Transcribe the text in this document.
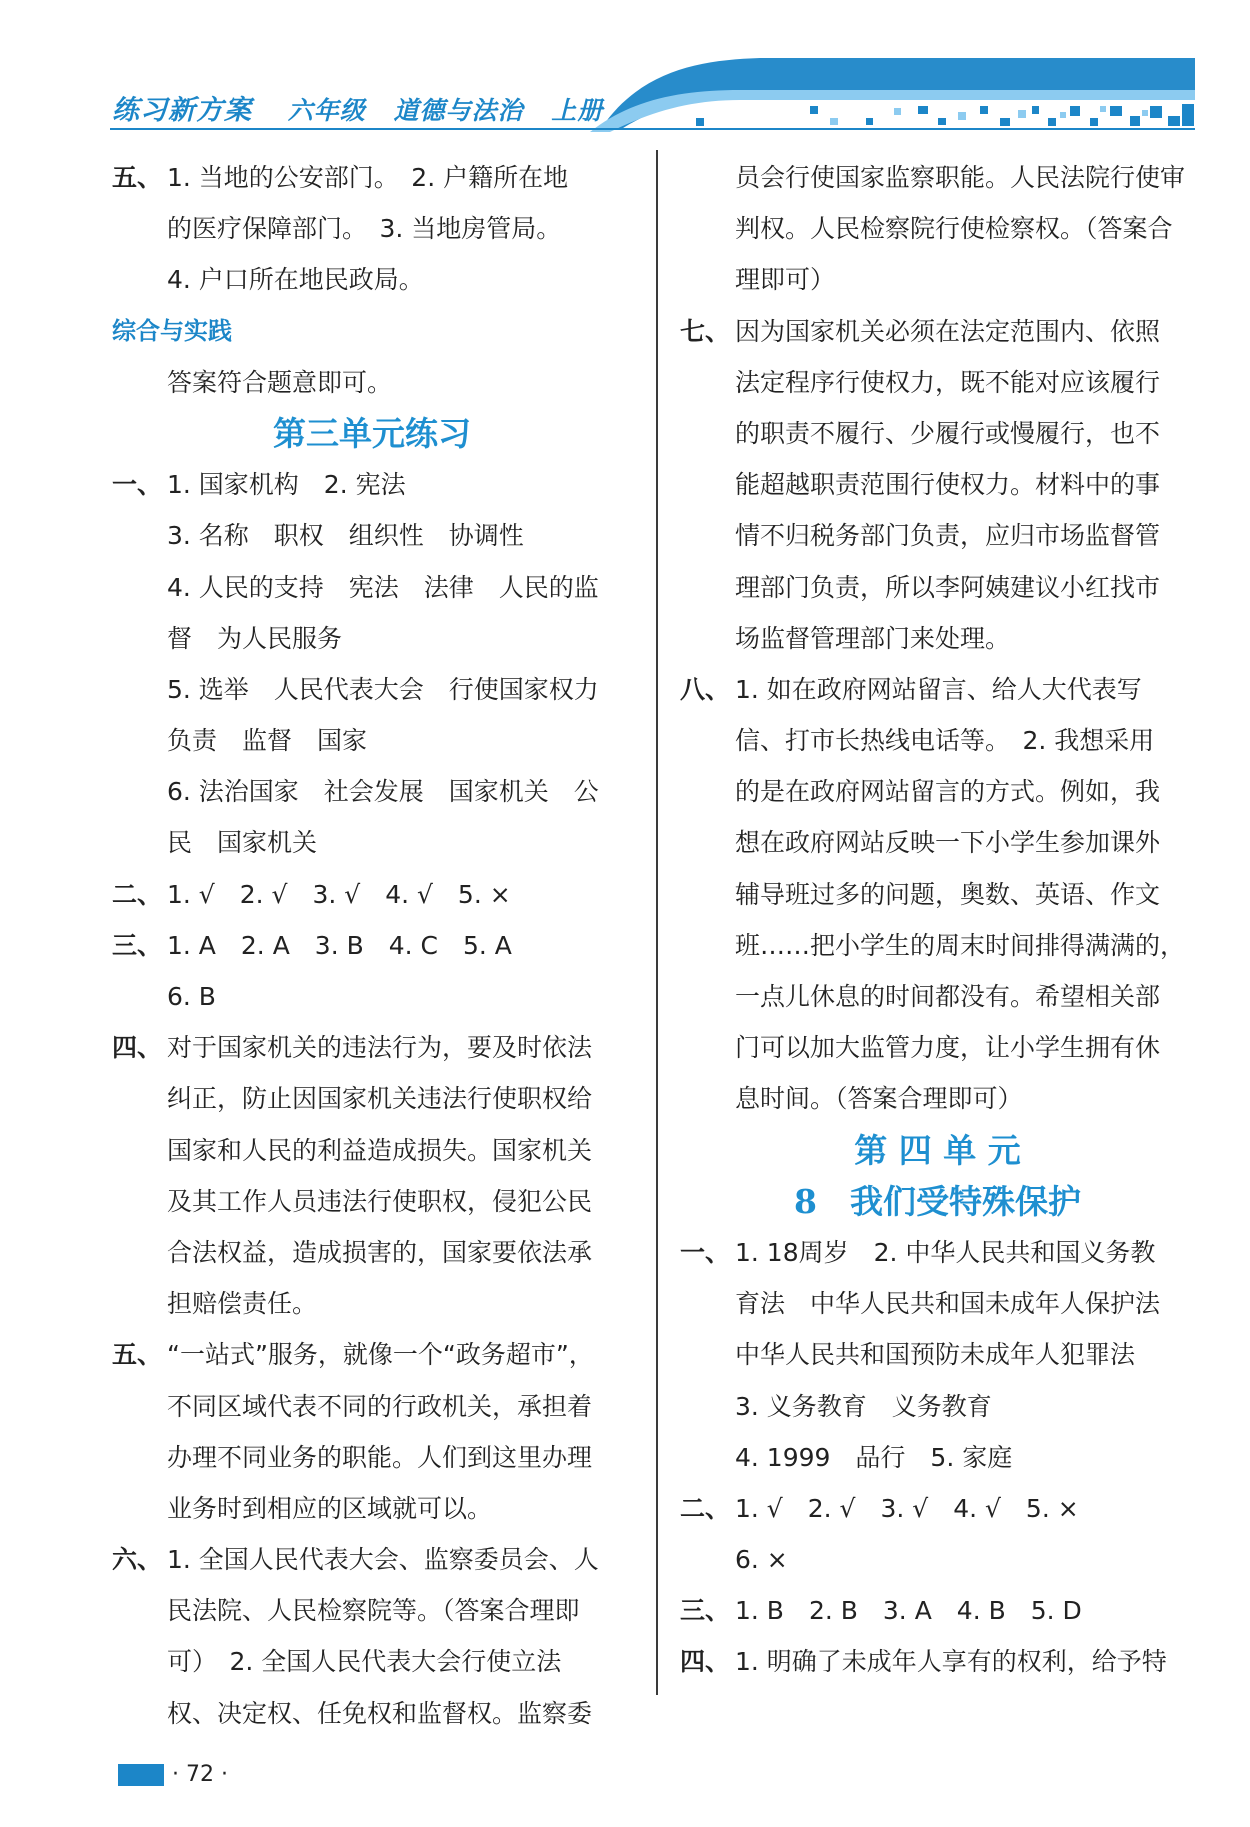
练习新方案 六年级 道德与法治 上册
五、 1. 当地的公安部门。　2. 户籍所在地
的医疗保障部门。　3. 当地房管局。
4. 户口所在地民政局。
综合与实践
答案符合题意即可。
第三单元练习
一、 1. 国家机构　2. 宪法
3. 名称　职权　组织性　协调性
4. 人民的支持　宪法　法律　人民的监
督　为人民服务
5. 选举　人民代表大会　行使国家权力
负责　监督　国家
6. 法治国家　社会发展　国家机关　公
民　国家机关
二、 1. √　2. √　3. √　4. √　5. ×
三、 1. A　2. A　3. B　4. C　5. A
6. B
四、 对于国家机关的违法行为，要及时依法
纠正，防止因国家机关违法行使职权给
国家和人民的利益造成损失。国家机关
及其工作人员违法行使职权，侵犯公民
合法权益，造成损害的，国家要依法承
担赔偿责任。
五、 “一站式”服务，就像一个“政务超市”，
不同区域代表不同的行政机关，承担着
办理不同业务的职能。人们到这里办理
业务时到相应的区域就可以。
六、 1. 全国人民代表大会、监察委员会、人
民法院、人民检察院等。（答案合理即
可）　2. 全国人民代表大会行使立法
权、决定权、任免权和监督权。监察委
员会行使国家监察职能。人民法院行使审
判权。人民检察院行使检察权。（答案合
理即可）
七、 因为国家机关必须在法定范围内、依照
法定程序行使权力，既不能对应该履行
的职责不履行、少履行或慢履行，也不
能超越职责范围行使权力。材料中的事
情不归税务部门负责，应归市场监督管
理部门负责，所以李阿姨建议小红找市
场监督管理部门来处理。
八、 1. 如在政府网站留言、给人大代表写
信、打市长热线电话等。　2. 我想采用
的是在政府网站留言的方式。例如，我
想在政府网站反映一下小学生参加课外
辅导班过多的问题，奥数、英语、作文
班……把小学生的周末时间排得满满的，
一点儿休息的时间都没有。希望相关部
门可以加大监管力度，让小学生拥有休
息时间。（答案合理即可）
第 四 单 元
8　我们受特殊保护
一、 1. 18周岁　2. 中华人民共和国义务教
育法　中华人民共和国未成年人保护法
中华人民共和国预防未成年人犯罪法
3. 义务教育　义务教育
4. 1999　品行　5. 家庭
二、 1. √　2. √　3. √　4. √　5. ×
6. ×
三、 1. B　2. B　3. A　4. B　5. D
四、 1. 明确了未成年人享有的权利，给予特
· 72 ·
